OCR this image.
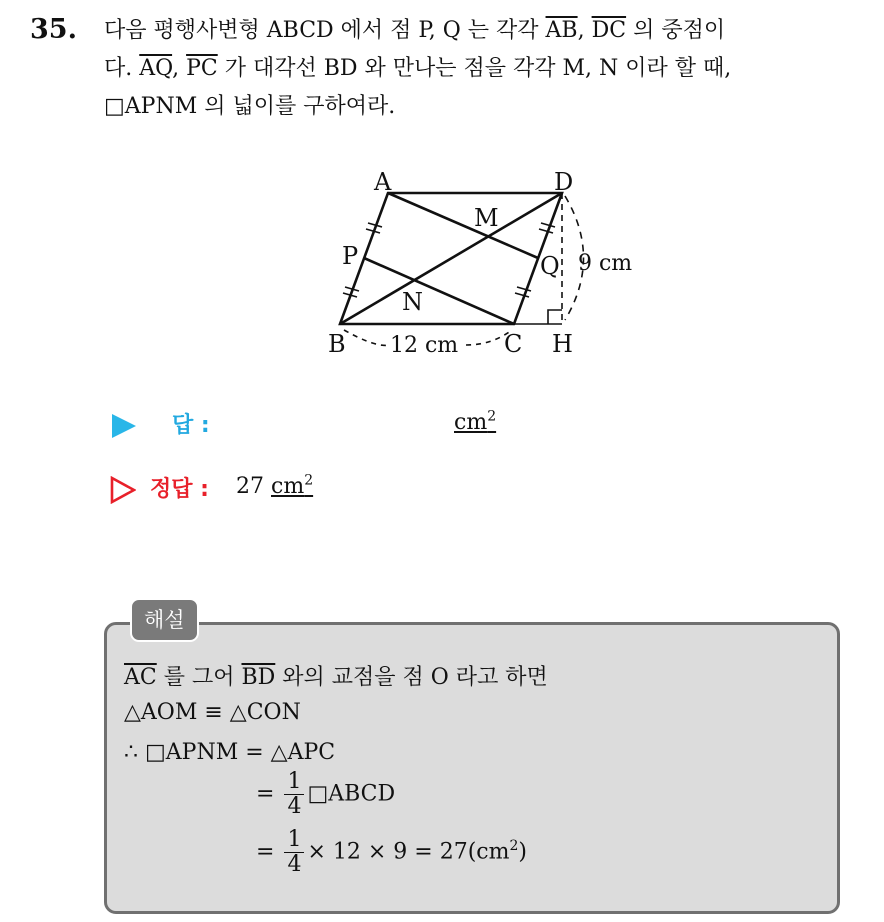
35. 다음 평행사변형 ABCD 에서 점 P, Q 는 각각 $\overline{AB}$, $\overline{DC}$ 의 중점이
다. $\overline{AQ}$, $\overline{PC}$ 가 대각선 BD 와 만나는 점을 각각 M, N 이라 할 때,
□APNM 의 넓이를 구하여라.
A	D
M
P	Q
N
B	C H
9 cm
12 cm
답 :	$cm^2$
정답 : 27 $cm^2$
해설
$\overline{AC}$ 를 그어 $\overline{BD}$ 와의 교점을 점 O 라고 하면
△AOM ≡ △CON
∴ □APNM = △APC
= $\frac{1}{4}$ □ABCD
= $\frac{1}{4} \times 12 \times 9 = 27(cm^2)$
